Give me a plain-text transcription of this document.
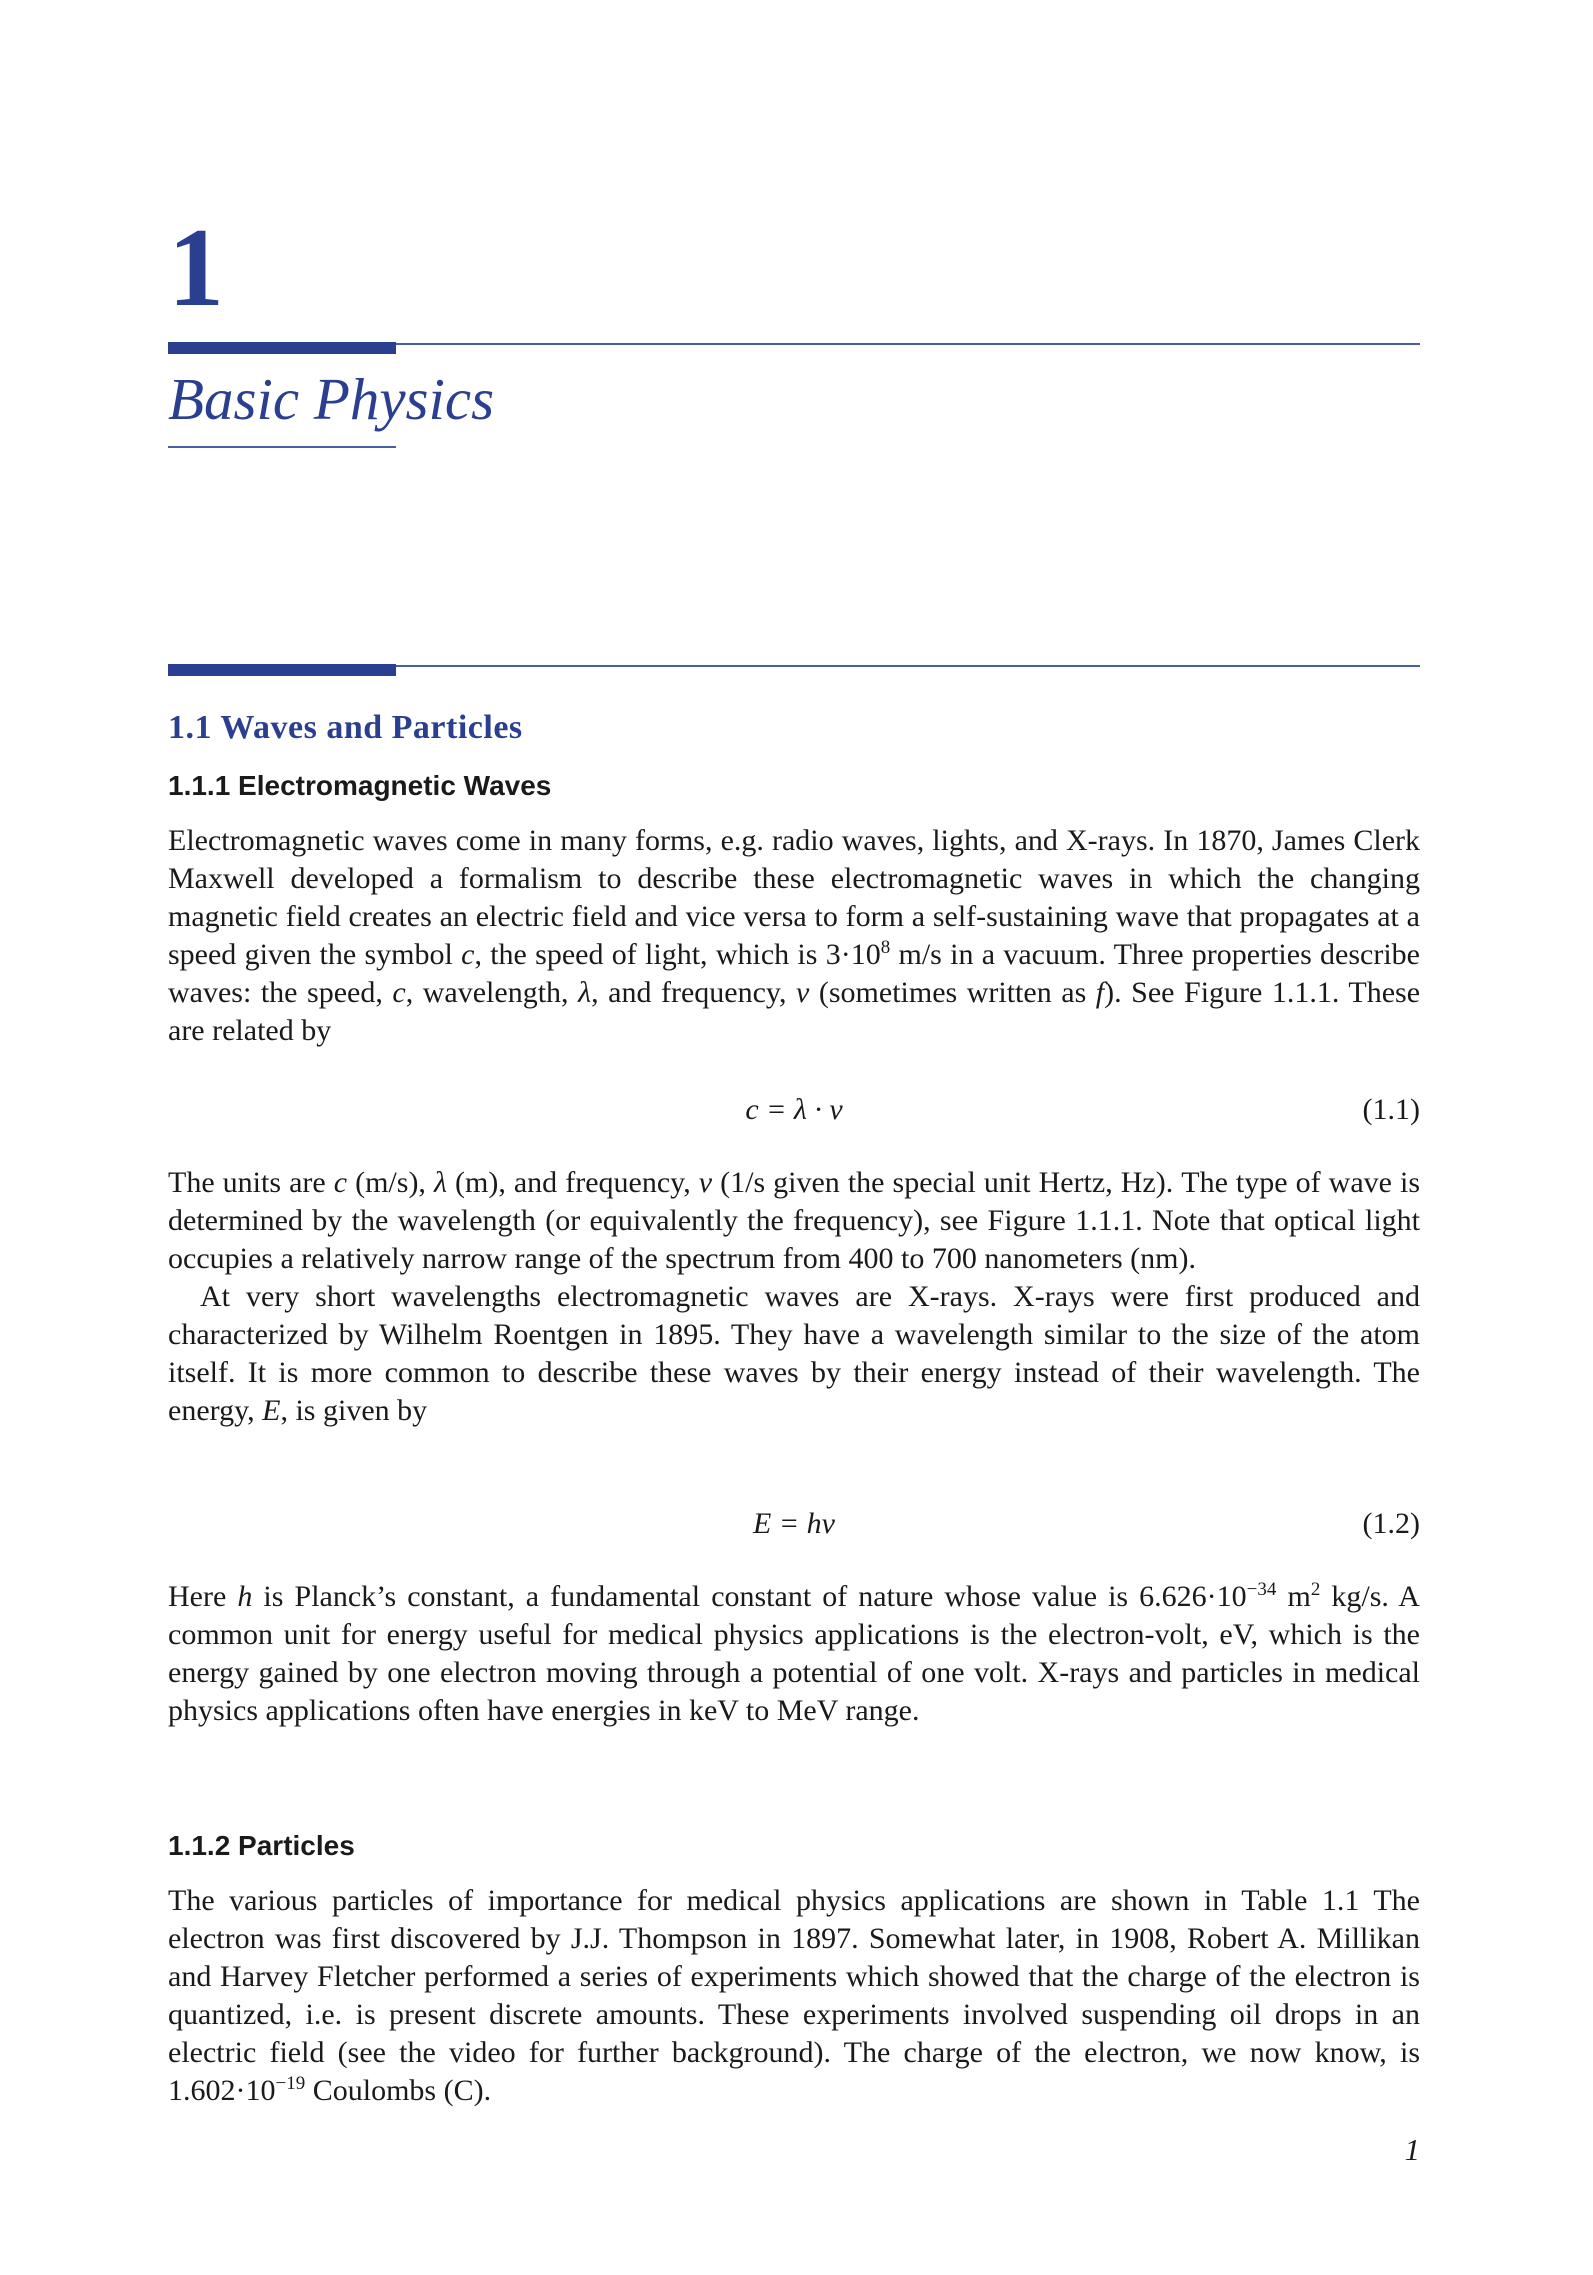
1
Basic Physics
1.1 Waves and Particles
1.1.1 Electromagnetic Waves

Electromagnetic waves come in many forms, e.g. radio waves, lights, and X-rays. In 1870, James Clerk Maxwell developed a formalism to describe these electromagnetic waves in which the changing magnetic field creates an electric field and vice versa to form a self-sustaining wave that propagates at a speed given the symbol c, the speed of light, which is $3\cdot 10^8$ m/s in a vacuum. Three properties describe waves: the speed, c, wavelength, λ, and frequency, ν (sometimes written as f). See Figure 1.1.1. These are related by

c = λ · ν	(1.1)

The units are c (m/s), λ (m), and frequency, ν (1/s given the special unit Hertz, Hz). The type of wave is determined by the wavelength (or equivalently the frequency), see Figure 1.1.1. Note that optical light occupies a relatively narrow range of the spectrum from 400 to 700 nanometers (nm).

At very short wavelengths electromagnetic waves are X-rays. X-rays were first produced and characterized by Wilhelm Roentgen in 1895. They have a wavelength similar to the size of the atom itself. It is more common to describe these waves by their energy instead of their wavelength. The energy, E, is given by

E = hν	(1.2)

Here h is Planck’s constant, a fundamental constant of nature whose value is $6.626\cdot 10^{-34}$ $m^2$ kg/s. A common unit for energy useful for medical physics applications is the electron-volt, eV, which is the energy gained by one electron moving through a potential of one volt. X-rays and particles in medical physics applications often have energies in keV to MeV range.

1.1.2 Particles

The various particles of importance for medical physics applications are shown in Table 1.1 The electron was first discovered by J.J. Thompson in 1897. Somewhat later, in 1908, Robert A. Millikan and Harvey Fletcher performed a series of experiments which showed that the charge of the electron is quantized, i.e. is present discrete amounts. These experiments involved suspending oil drops in an electric field (see the video for further background). The charge of the electron, we now know, is $1.602\cdot 10^{-19}$ Coulombs (C).

1
